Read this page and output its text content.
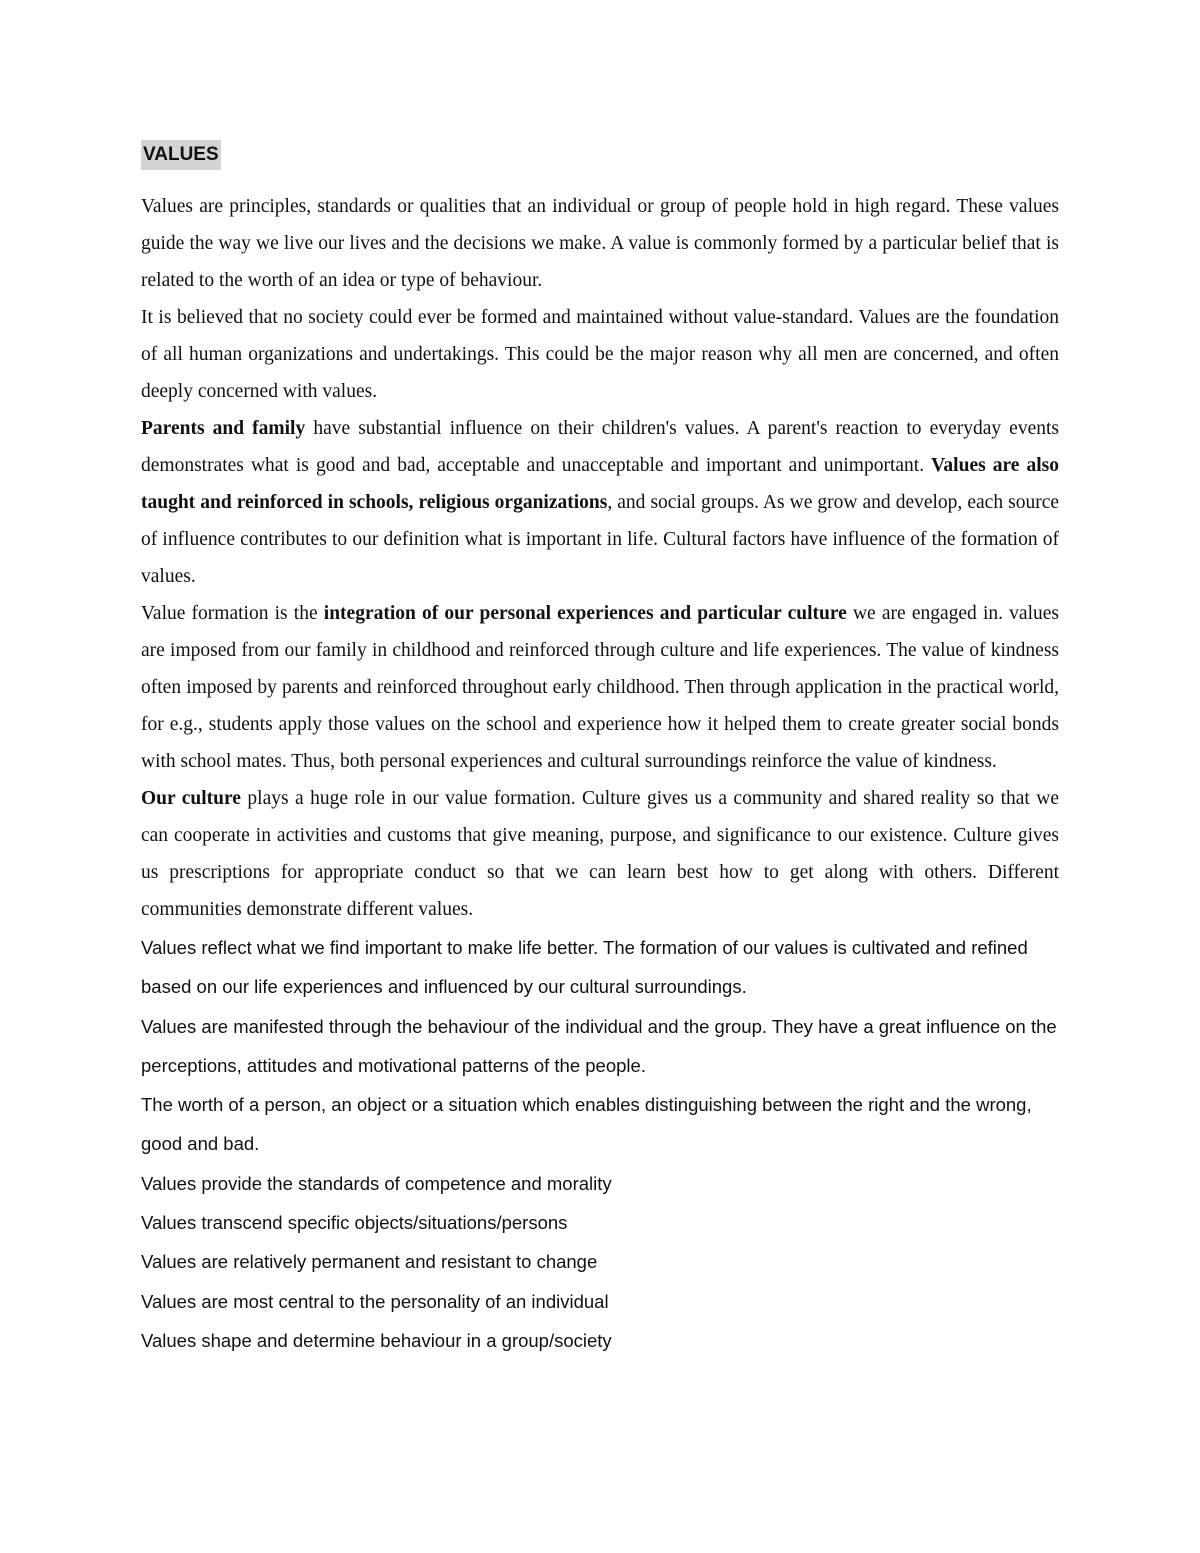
VALUES

Values are principles, standards or qualities that an individual or group of people hold in high regard. These values guide the way we live our lives and the decisions we make. A value is commonly formed by a particular belief that is related to the worth of an idea or type of behaviour.

It is believed that no society could ever be formed and maintained without value-standard. Values are the foundation of all human organizations and undertakings. This could be the major reason why all men are concerned, and often deeply concerned with values.

Parents and family have substantial influence on their children's values. A parent's reaction to everyday events demonstrates what is good and bad, acceptable and unacceptable and important and unimportant. Values are also taught and reinforced in schools, religious organizations, and social groups. As we grow and develop, each source of influence contributes to our definition what is important in life. Cultural factors have influence of the formation of values.

Value formation is the integration of our personal experiences and particular culture we are engaged in. values are imposed from our family in childhood and reinforced through culture and life experiences. The value of kindness often imposed by parents and reinforced throughout early childhood. Then through application in the practical world, for e.g., students apply those values on the school and experience how it helped them to create greater social bonds with school mates. Thus, both personal experiences and cultural surroundings reinforce the value of kindness.

Our culture plays a huge role in our value formation. Culture gives us a community and shared reality so that we can cooperate in activities and customs that give meaning, purpose, and significance to our existence. Culture gives us prescriptions for appropriate conduct so that we can learn best how to get along with others. Different communities demonstrate different values.

Values reflect what we find important to make life better. The formation of our values is cultivated and refined based on our life experiences and influenced by our cultural surroundings.

Values are manifested through the behaviour of the individual and the group. They have a great influence on the perceptions, attitudes and motivational patterns of the people.

The worth of a person, an object or a situation which enables distinguishing between the right and the wrong, good and bad.

Values provide the standards of competence and morality

Values transcend specific objects/situations/persons

Values are relatively permanent and resistant to change

Values are most central to the personality of an individual

Values shape and determine behaviour in a group/society
